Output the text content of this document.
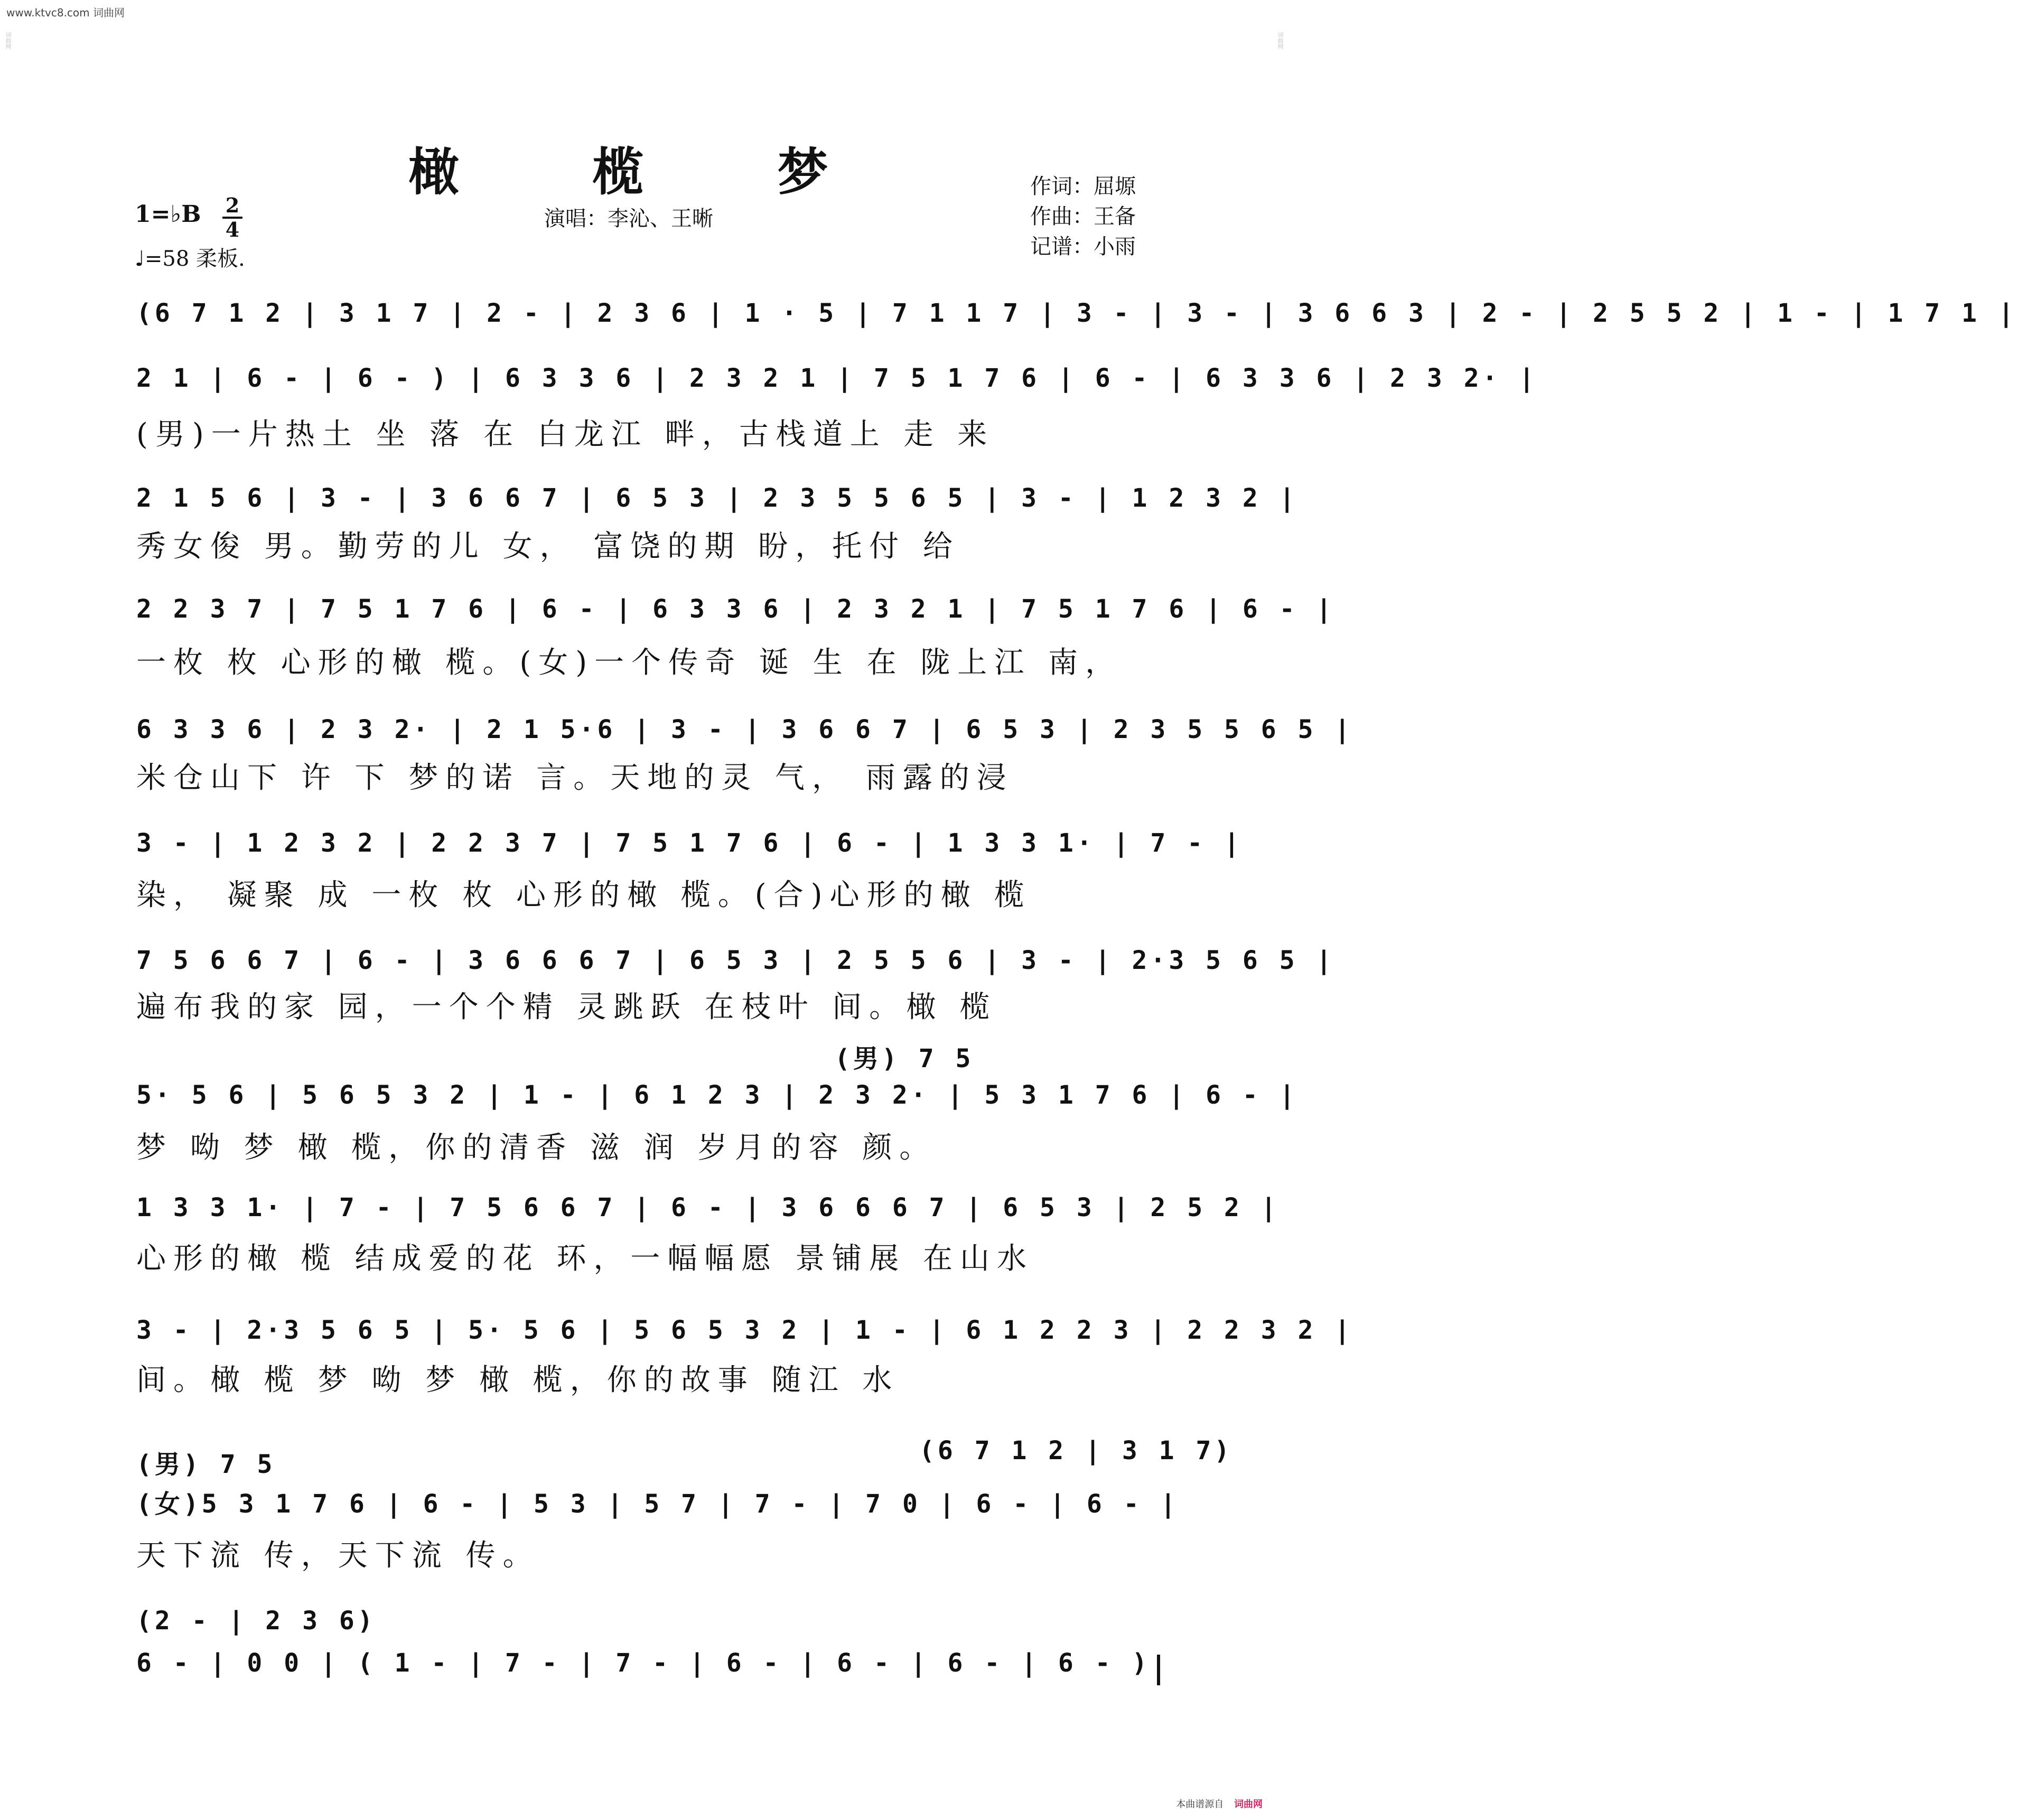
www.ktvc8.com 词曲网
词曲网	词曲网
橄 榄 梦	作词：屈塬
作曲：王备
记谱：小雨
1=♭B	2
4	演唱：李沁、王晰
♩=58 柔板.
(6 7 1 2 | 3 1 7 | 2 - | 2 3 6 | 1 · 5 | 7 1 1 7 | 3 - | 3 - | 3 6 6 3 | 2 - | 2 5 5 2 | 1 - | 1 7 1 |
2 1 | 6 - | 6 - ) | 6 3 3 6 | 2 3 2 1 | 7 5 1 7 6 | 6 - | 6 3 3 6 | 2 3 2· |
(男)一片热土 坐 落 在 白龙江 畔，古栈道上 走 来
2 1 5 6 | 3 - | 3 6 6 7 | 6 5 3 | 2 3 5 5 6 5 | 3 - | 1 2 3 2 |
秀女俊 男。勤劳的儿 女， 富饶的期 盼，托付 给
2 2 3 7 | 7 5 1 7 6 | 6 - | 6 3 3 6 | 2 3 2 1 | 7 5 1 7 6 | 6 - |
一枚 枚 心形的橄 榄。(女)一个传奇 诞 生 在 陇上江 南，
6 3 3 6 | 2 3 2· | 2 1 5·6 | 3 - | 3 6 6 7 | 6 5 3 | 2 3 5 5 6 5 |
米仓山下 许 下 梦的诺 言。天地的灵 气， 雨露的浸
3 - | 1 2 3 2 | 2 2 3 7 | 7 5 1 7 6 | 6 - | 1 3 3 1· | 7 - |
染， 凝聚 成 一枚 枚 心形的橄 榄。(合)心形的橄 榄
7 5 6 6 7 | 6 - | 3 6 6 6 7 | 6 5 3 | 2 5 5 6 | 3 - | 2·3 5 6 5 |
遍布我的家 园，一个个精 灵跳跃 在枝叶 间。橄 榄
(男) 7 5
5· 5 6 | 5 6 5 3 2 | 1 - | 6 1 2 3 | 2 3 2· | 5 3 1 7 6 | 6 - |
梦 呦 梦 橄 榄，你的清香 滋 润 岁月的容 颜。
1 3 3 1· | 7 - | 7 5 6 6 7 | 6 - | 3 6 6 6 7 | 6 5 3 | 2 5 2 |
心形的橄 榄 结成爱的花 环，一幅幅愿 景铺展 在山水
3 - | 2·3 5 6 5 | 5· 5 6 | 5 6 5 3 2 | 1 - | 6 1 2 2 3 | 2 2 3 2 |
间。橄 榄 梦 呦 梦 橄 榄，你的故事 随江 水
(男) 7 5	(6 7 1 2 | 3 1 7)
(女)5 3 1 7 6 | 6 - | 5 3 | 5 7 | 7 - | 7 0 | 6 - | 6 - |
天下流 传，天下流 传。
(2 - | 2 3 6)
6 - | 0 0 | ( 1 - | 7 - | 7 - | 6 - | 6 - | 6 - | 6 - )
本曲谱源自 词曲网
